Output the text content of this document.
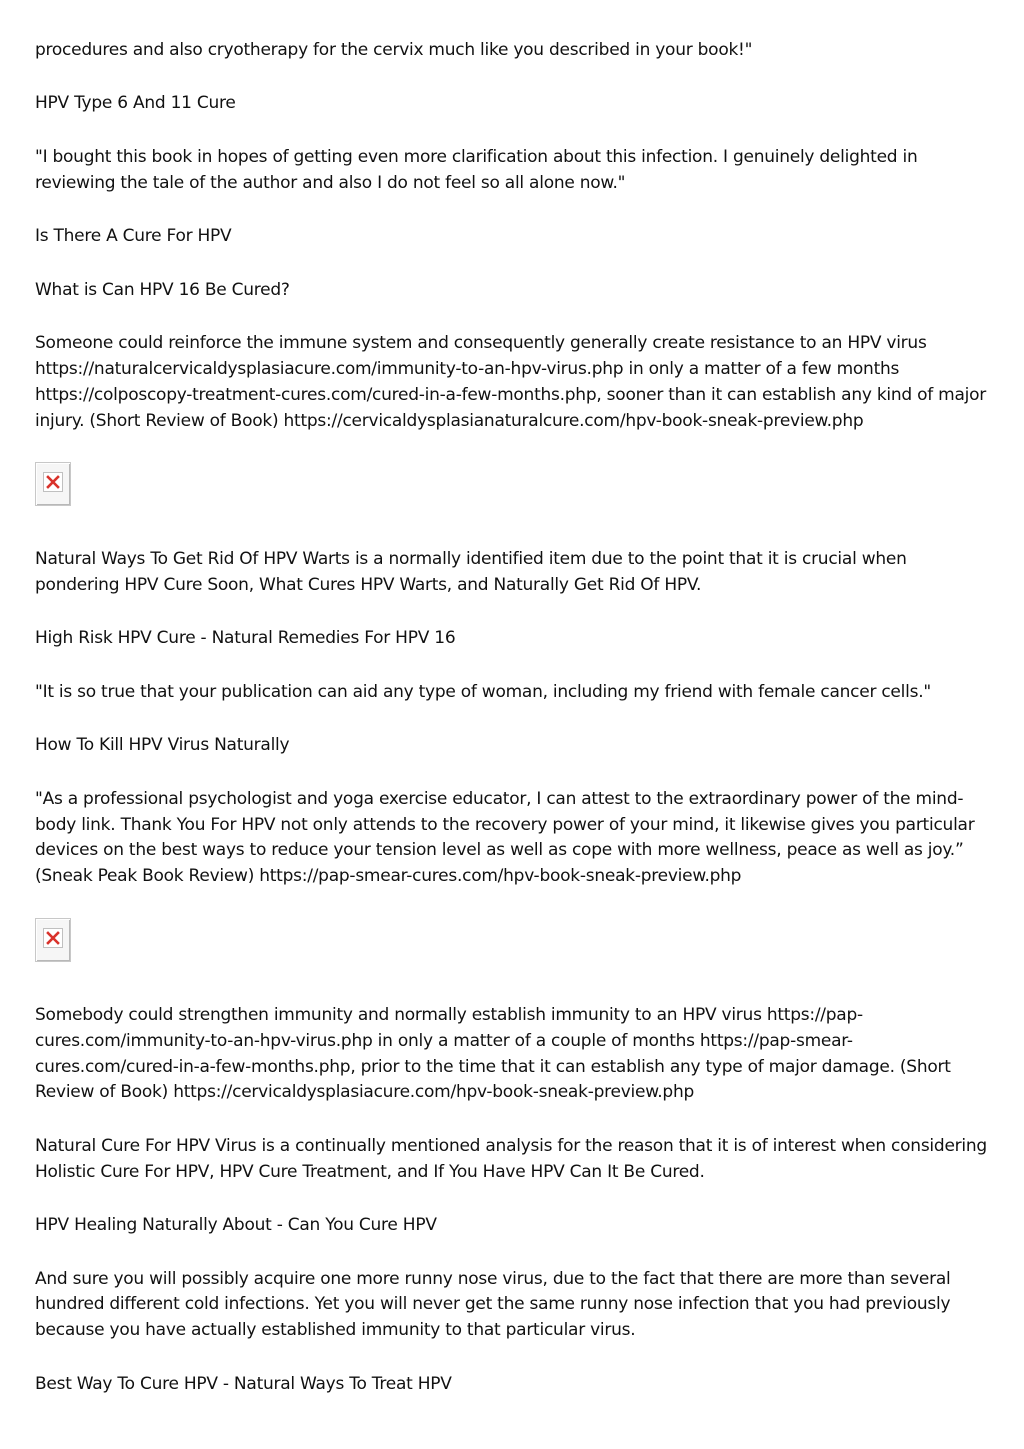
procedures and also cryotherapy for the cervix much like you described in your book!"

HPV Type 6 And 11 Cure

"I bought this book in hopes of getting even more clarification about this infection. I genuinely delighted in reviewing the tale of the author and also I do not feel so all alone now."

Is There A Cure For HPV

What is Can HPV 16 Be Cured?

Someone could reinforce the immune system and consequently generally create resistance to an HPV virus https://naturalcervicaldysplasiacure.com/immunity-to-an-hpv-virus.php in only a matter of a few months https://colposcopy-treatment-cures.com/cured-in-a-few-months.php, sooner than it can establish any kind of major injury. (Short Review of Book) https://cervicaldysplasianaturalcure.com/hpv-book-sneak-preview.php

Natural Ways To Get Rid Of HPV Warts is a normally identified item due to the point that it is crucial when pondering HPV Cure Soon, What Cures HPV Warts, and Naturally Get Rid Of HPV.

High Risk HPV Cure - Natural Remedies For HPV 16

"It is so true that your publication can aid any type of woman, including my friend with female cancer cells."

How To Kill HPV Virus Naturally

"As a professional psychologist and yoga exercise educator, I can attest to the extraordinary power of the mind-body link. Thank You For HPV not only attends to the recovery power of your mind, it likewise gives you particular devices on the best ways to reduce your tension level as well as cope with more wellness, peace as well as joy.” (Sneak Peak Book Review) https://pap-smear-cures.com/hpv-book-sneak-preview.php

Somebody could strengthen immunity and normally establish immunity to an HPV virus https://pap-cures.com/immunity-to-an-hpv-virus.php in only a matter of a couple of months https://pap-smear-cures.com/cured-in-a-few-months.php, prior to the time that it can establish any type of major damage. (Short Review of Book) https://cervicaldysplasiacure.com/hpv-book-sneak-preview.php

Natural Cure For HPV Virus is a continually mentioned analysis for the reason that it is of interest when considering Holistic Cure For HPV, HPV Cure Treatment, and If You Have HPV Can It Be Cured.

HPV Healing Naturally About - Can You Cure HPV

And sure you will possibly acquire one more runny nose virus, due to the fact that there are more than several hundred different cold infections. Yet you will never get the same runny nose infection that you had previously because you have actually established immunity to that particular virus.

Best Way To Cure HPV - Natural Ways To Treat HPV
